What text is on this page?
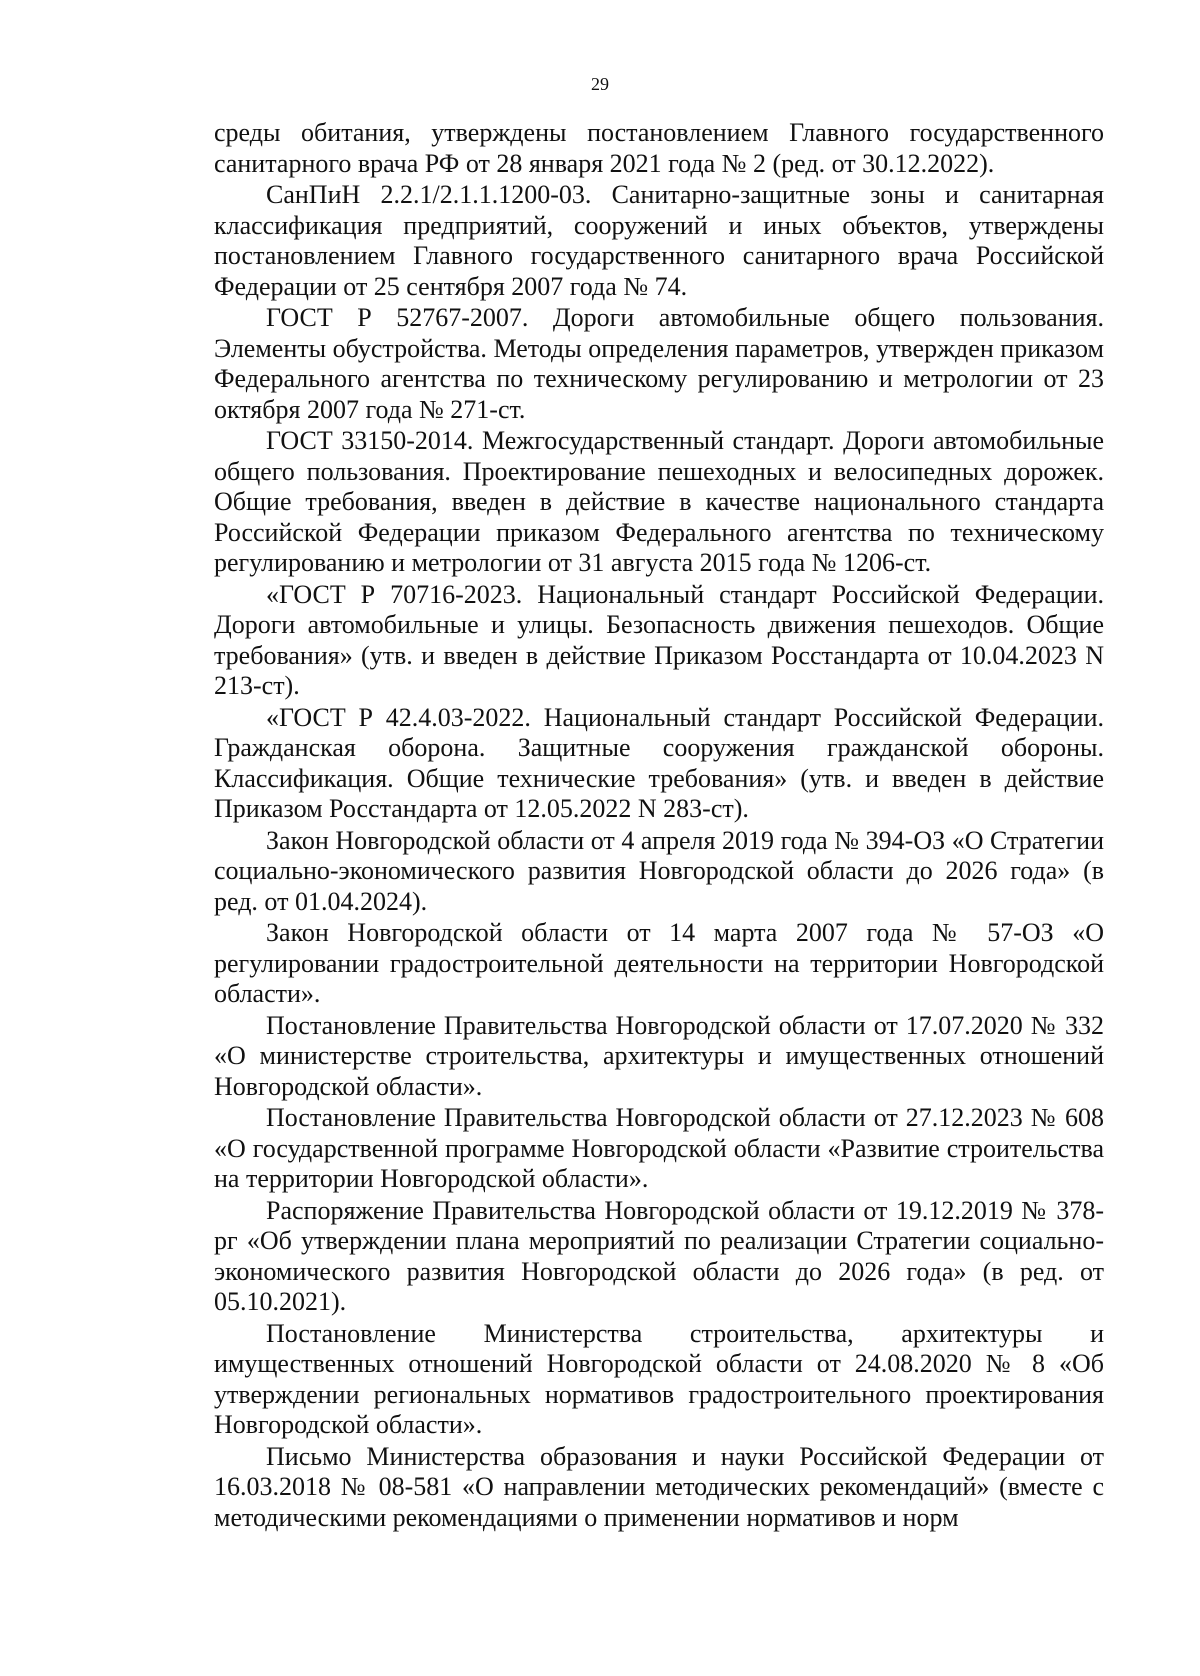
29

среды обитания, утверждены постановлением Главного государственного санитарного врача РФ от 28 января 2021 года № 2 (ред. от 30.12.2022).

СанПиН 2.2.1/2.1.1.1200-03. Санитарно-защитные зоны и санитарная классификация предприятий, сооружений и иных объектов, утверждены постановлением Главного государственного санитарного врача Российской Федерации от 25 сентября 2007 года № 74.

ГОСТ Р 52767-2007. Дороги автомобильные общего пользования. Элементы обустройства. Методы определения параметров, утвержден приказом Федерального агентства по техническому регулированию и метрологии от 23 октября 2007 года № 271-ст.

ГОСТ 33150-2014. Межгосударственный стандарт. Дороги автомобильные общего пользования. Проектирование пешеходных и велосипедных дорожек. Общие требования, введен в действие в качестве национального стандарта Российской Федерации приказом Федерального агентства по техническому регулированию и метрологии от 31 августа 2015 года № 1206-ст.

«ГОСТ Р 70716-2023. Национальный стандарт Российской Федерации. Дороги автомобильные и улицы. Безопасность движения пешеходов. Общие требования» (утв. и введен в действие Приказом Росстандарта от 10.04.2023 N 213-ст).

«ГОСТ Р 42.4.03-2022. Национальный стандарт Российской Федерации. Гражданская оборона. Защитные сооружения гражданской обороны. Классификация. Общие технические требования» (утв. и введен в действие Приказом Росстандарта от 12.05.2022 N 283-ст).

Закон Новгородской области от 4 апреля 2019 года № 394-ОЗ «О Стратегии социально-экономического развития Новгородской области до 2026 года» (в ред. от 01.04.2024).

Закон Новгородской области от 14 марта 2007 года № 57-ОЗ «О регулировании градостроительной деятельности на территории Новгородской области».

Постановление Правительства Новгородской области от 17.07.2020 № 332 «О министерстве строительства, архитектуры и имущественных отношений Новгородской области».

Постановление Правительства Новгородской области от 27.12.2023 № 608 «О государственной программе Новгородской области «Развитие строительства на территории Новгородской области».

Распоряжение Правительства Новгородской области от 19.12.2019 № 378-рг «Об утверждении плана мероприятий по реализации Стратегии социально-экономического развития Новгородской области до 2026 года» (в ред. от 05.10.2021).

Постановление Министерства строительства, архитектуры и имущественных отношений Новгородской области от 24.08.2020 № 8 «Об утверждении региональных нормативов градостроительного проектирования Новгородской области».

Письмо Министерства образования и науки Российской Федерации от 16.03.2018 № 08-581 «О направлении методических рекомендаций» (вместе с методическими рекомендациями о применении нормативов и норм
